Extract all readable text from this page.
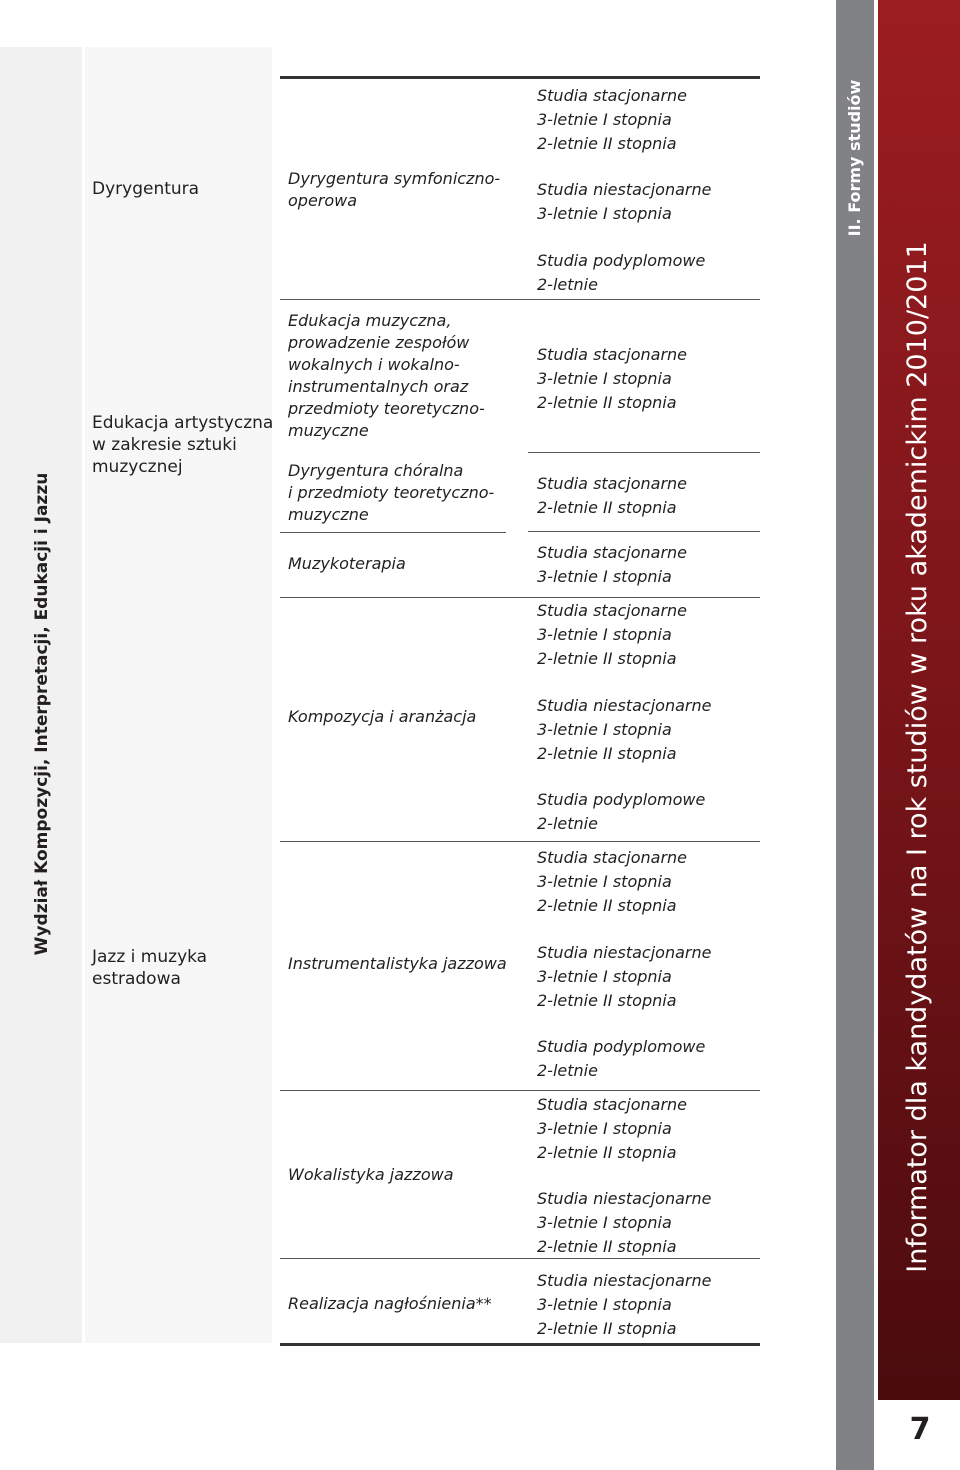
Wydział Kompozycji, Interpretacji, Edukacji i Jazzu
Dyrygentura
Edukacja artystyczna
w zakresie sztuki
muzycznej
Jazz i muzyka
estradowa
Dyrygentura symfoniczno-
operowa
Edukacja muzyczna,
prowadzenie zespołów
wokalnych i wokalno-
instrumentalnych oraz
przedmioty teoretyczno-
muzyczne
Dyrygentura chóralna
i przedmioty teoretyczno-
muzyczne
Muzykoterapia
Kompozycja i aranżacja
Instrumentalistyka jazzowa
Wokalistyka jazzowa
Realizacja nagłośnienia**
Studia stacjonarne
3-letnie I stopnia
2-letnie II stopnia
Studia niestacjonarne
3-letnie I stopnia
Studia podyplomowe
2-letnie
Studia stacjonarne
3-letnie I stopnia
2-letnie II stopnia
Studia stacjonarne
2-letnie II stopnia
Studia stacjonarne
3-letnie I stopnia
Studia stacjonarne
3-letnie I stopnia
2-letnie II stopnia
Studia niestacjonarne
3-letnie I stopnia
2-letnie II stopnia
Studia podyplomowe
2-letnie
Studia stacjonarne
3-letnie I stopnia
2-letnie II stopnia
Studia niestacjonarne
3-letnie I stopnia
2-letnie II stopnia
Studia podyplomowe
2-letnie
Studia stacjonarne
3-letnie I stopnia
2-letnie II stopnia
Studia niestacjonarne
3-letnie I stopnia
2-letnie II stopnia
Studia niestacjonarne
3-letnie I stopnia
2-letnie II stopnia
II. Formy studiów
Informator dla kandydatów na I rok studiów w roku akademickim 2010/2011
7
